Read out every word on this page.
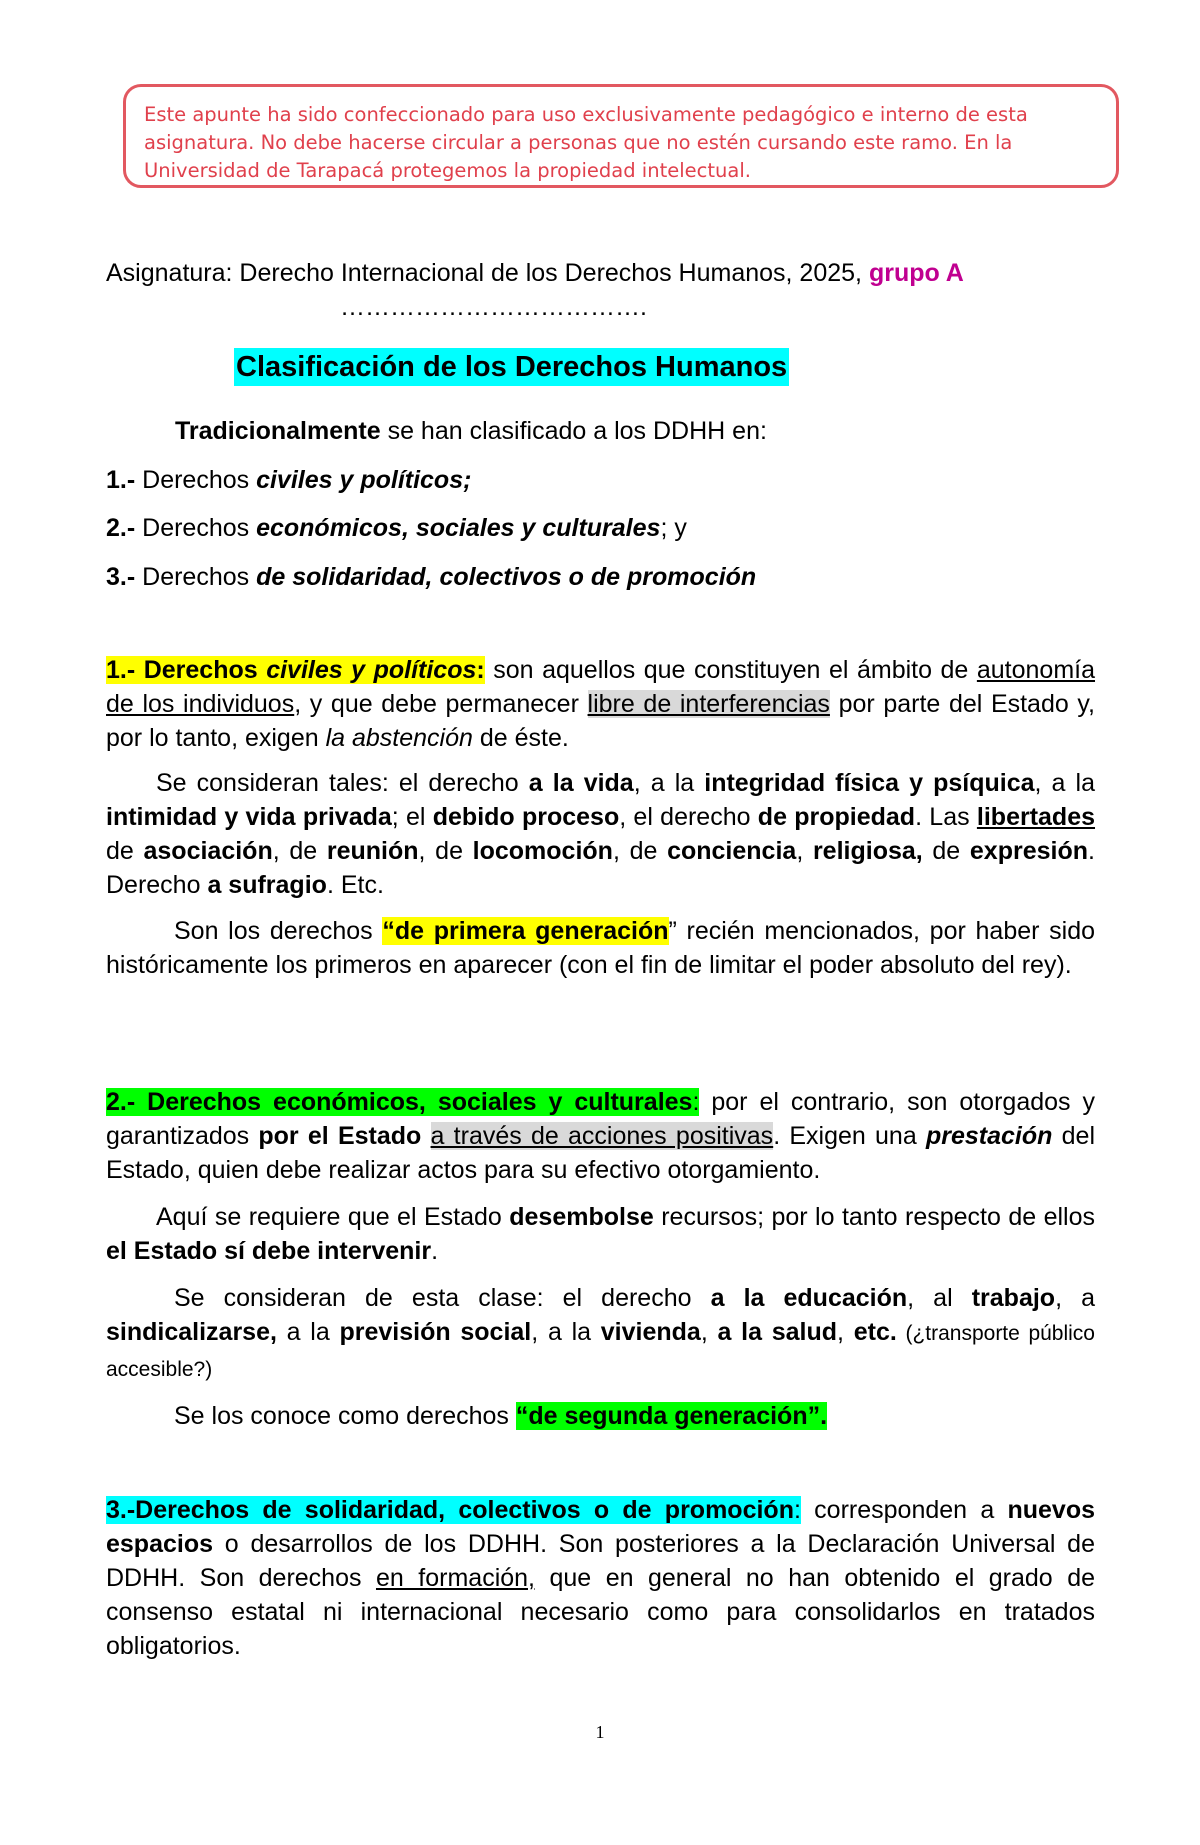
Este apunte ha sido confeccionado para uso exclusivamente pedagógico e interno de esta asignatura. No debe hacerse circular a personas que no estén cursando este ramo. En la Universidad de Tarapacá protegemos la propiedad intelectual.

Asignatura: Derecho Internacional de los Derechos Humanos, 2025, grupo A
……………………………….
Clasificación de los Derechos Humanos
Tradicionalmente se han clasificado a los DDHH en:
1.- Derechos civiles y políticos;
2.- Derechos económicos, sociales y culturales; y
3.- Derechos de solidaridad, colectivos o de promoción

1.- Derechos civiles y políticos: son aquellos que constituyen el ámbito de autonomía de los individuos, y que debe permanecer libre de interferencias por parte del Estado y, por lo tanto, exigen la abstención de éste.

Se consideran tales: el derecho a la vida, a la integridad física y psíquica, a la intimidad y vida privada; el debido proceso, el derecho de propiedad. Las libertades de asociación, de reunión, de locomoción, de conciencia, religiosa, de expresión. Derecho a sufragio. Etc.

Son los derechos “de primera generación” recién mencionados, por haber sido históricamente los primeros en aparecer (con el fin de limitar el poder absoluto del rey).

2.- Derechos económicos, sociales y culturales: por el contrario, son otorgados y garantizados por el Estado a través de acciones positivas. Exigen una prestación del Estado, quien debe realizar actos para su efectivo otorgamiento.

Aquí se requiere que el Estado desembolse recursos; por lo tanto respecto de ellos el Estado sí debe intervenir.

Se consideran de esta clase: el derecho a la educación, al trabajo, a sindicalizarse, a la previsión social, a la vivienda, a la salud, etc. (¿transporte público accesible?)

Se los conoce como derechos “de segunda generación”.

3.-Derechos de solidaridad, colectivos o de promoción: corresponden a nuevos espacios o desarrollos de los DDHH. Son posteriores a la Declaración Universal de DDHH. Son derechos en formación, que en general no han obtenido el grado de consenso estatal ni internacional necesario como para consolidarlos en tratados obligatorios.

1
